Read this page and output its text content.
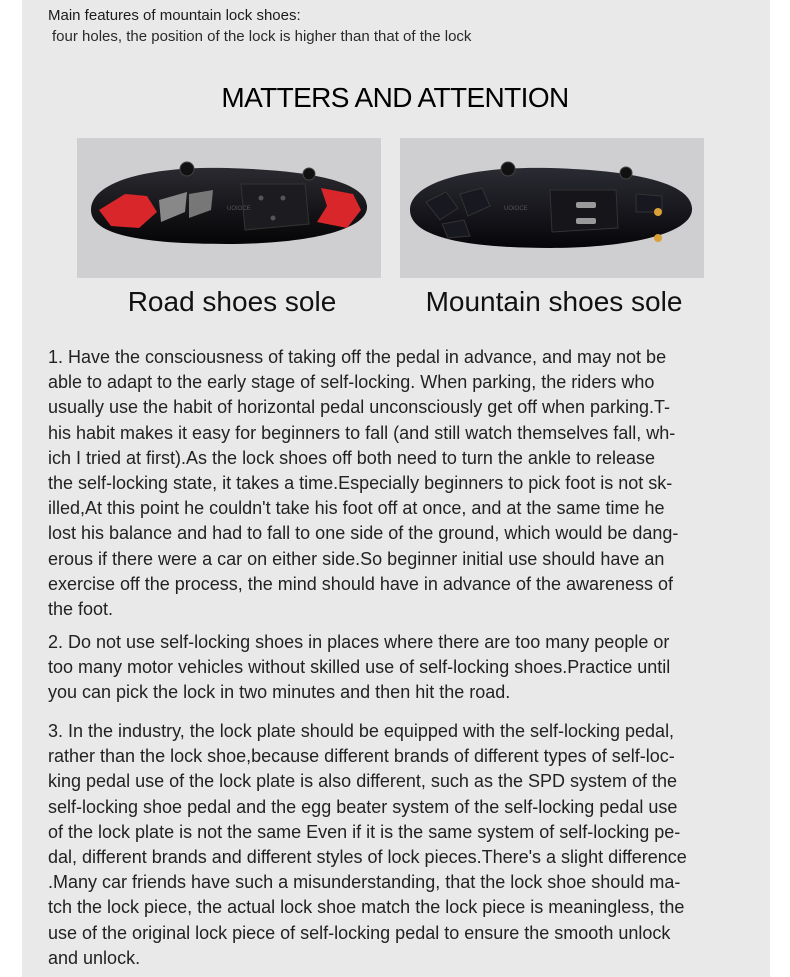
Main features of mountain lock shoes:
four holes, the position of the lock is higher than that of the lock
MATTERS AND ATTENTION
UOIOCE	UOIOCE
Road shoes sole	Mountain shoes sole
1. Have the consciousness of taking off the pedal in advance, and may not be
able to adapt to the early stage of self-locking. When parking, the riders who
usually use the habit of horizontal pedal unconsciously get off when parking.T-
his habit makes it easy for beginners to fall (and still watch themselves fall, wh-
ich I tried at first).As the lock shoes off both need to turn the ankle to release
the self-locking state, it takes a time.Especially beginners to pick foot is not sk-
illed,At this point he couldn't take his foot off at once, and at the same time he
lost his balance and had to fall to one side of the ground, which would be dang-
erous if there were a car on either side.So beginner initial use should have an
exercise off the process, the mind should have in advance of the awareness of
the foot.
2. Do not use self-locking shoes in places where there are too many people or
too many motor vehicles without skilled use of self-locking shoes.Practice until
you can pick the lock in two minutes and then hit the road.
3. In the industry, the lock plate should be equipped with the self-locking pedal,
rather than the lock shoe,because different brands of different types of self-loc-
king pedal use of the lock plate is also different, such as the SPD system of the
self-locking shoe pedal and the egg beater system of the self-locking pedal use
of the lock plate is not the same Even if it is the same system of self-locking pe-
dal, different brands and different styles of lock pieces.There's a slight difference
.Many car friends have such a misunderstanding, that the lock shoe should ma-
tch the lock piece, the actual lock shoe match the lock piece is meaningless, the
use of the original lock piece of self-locking pedal to ensure the smooth unlock
and unlock.
